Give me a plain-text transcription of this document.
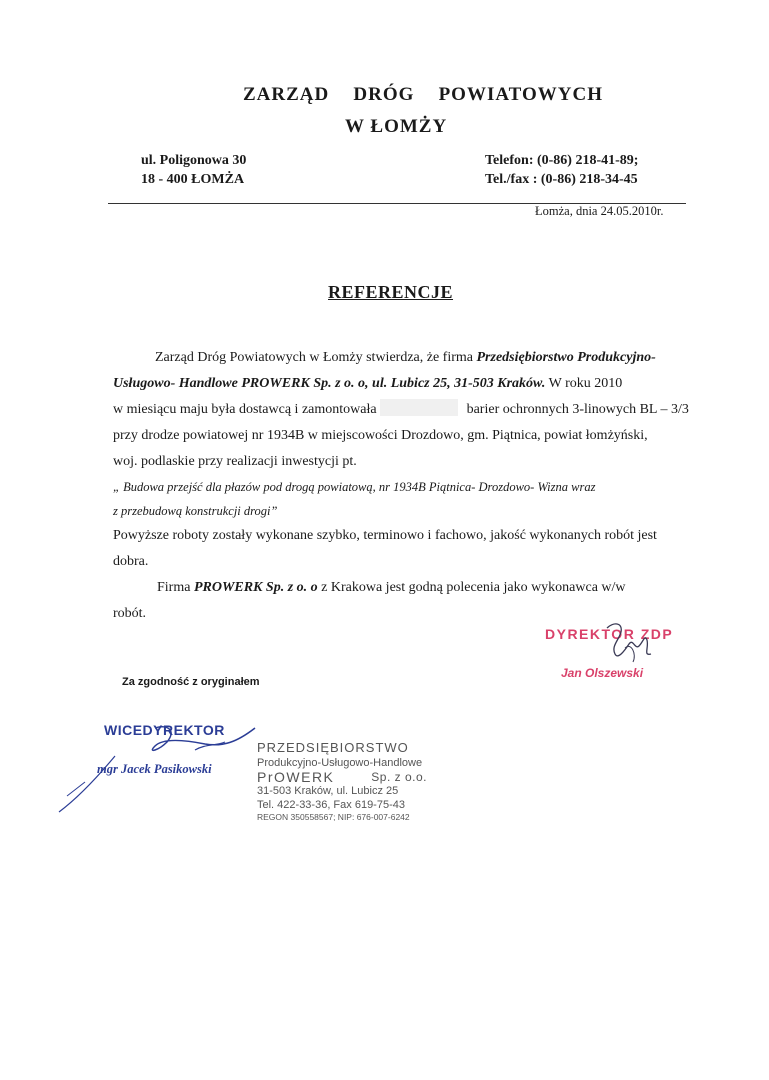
ZARZĄD DRÓG POWIATOWYCH
W ŁOMŻY
ul. Poligonowa 30
18 - 400 ŁOMŻA
Telefon: (0-86) 218-41-89;
Tel./fax : (0-86) 218-34-45
Łomża, dnia 24.05.2010r.
REFERENCJE
Zarząd Dróg Powiatowych w Łomży stwierdza, że firma Przedsiębiorstwo Produkcyjno-
Usługowo- Handlowe PROWERK Sp. z o. o, ul. Lubicz 25, 31-503 Kraków. W roku 2010
w miesiącu maju była dostawcą i zamontowała	barier ochronnych 3-linowych BL – 3/3
przy drodze powiatowej nr 1934B w miejscowości Drozdowo, gm. Piątnica, powiat łomżyński,
woj. podlaskie przy realizacji inwestycji pt.
„ Budowa przejść dla płazów pod drogą powiatową, nr 1934B Piątnica- Drozdowo- Wizna wraz
z przebudową konstrukcji drogi”
Powyższe roboty zostały wykonane szybko, terminowo i fachowo, jakość wykonanych robót jest
dobra.
Firma PROWERK Sp. z o. o z Krakowa jest godną polecenia jako wykonawca w/w
robót.
Za zgodność z oryginałem
DYREKTOR ZDP
Jan Olszewski
WICEDYREKTOR
mgr Jacek Pasikowski
PRZEDSIĘBIORSTWO
Produkcyjno-Usługowo-Handlowe
PrOWERK	Sp. z o.o.
31-503 Kraków, ul. Lubicz 25
Tel. 422-33-36, Fax 619-75-43
REGON 350558567; NIP: 676-007-6242
